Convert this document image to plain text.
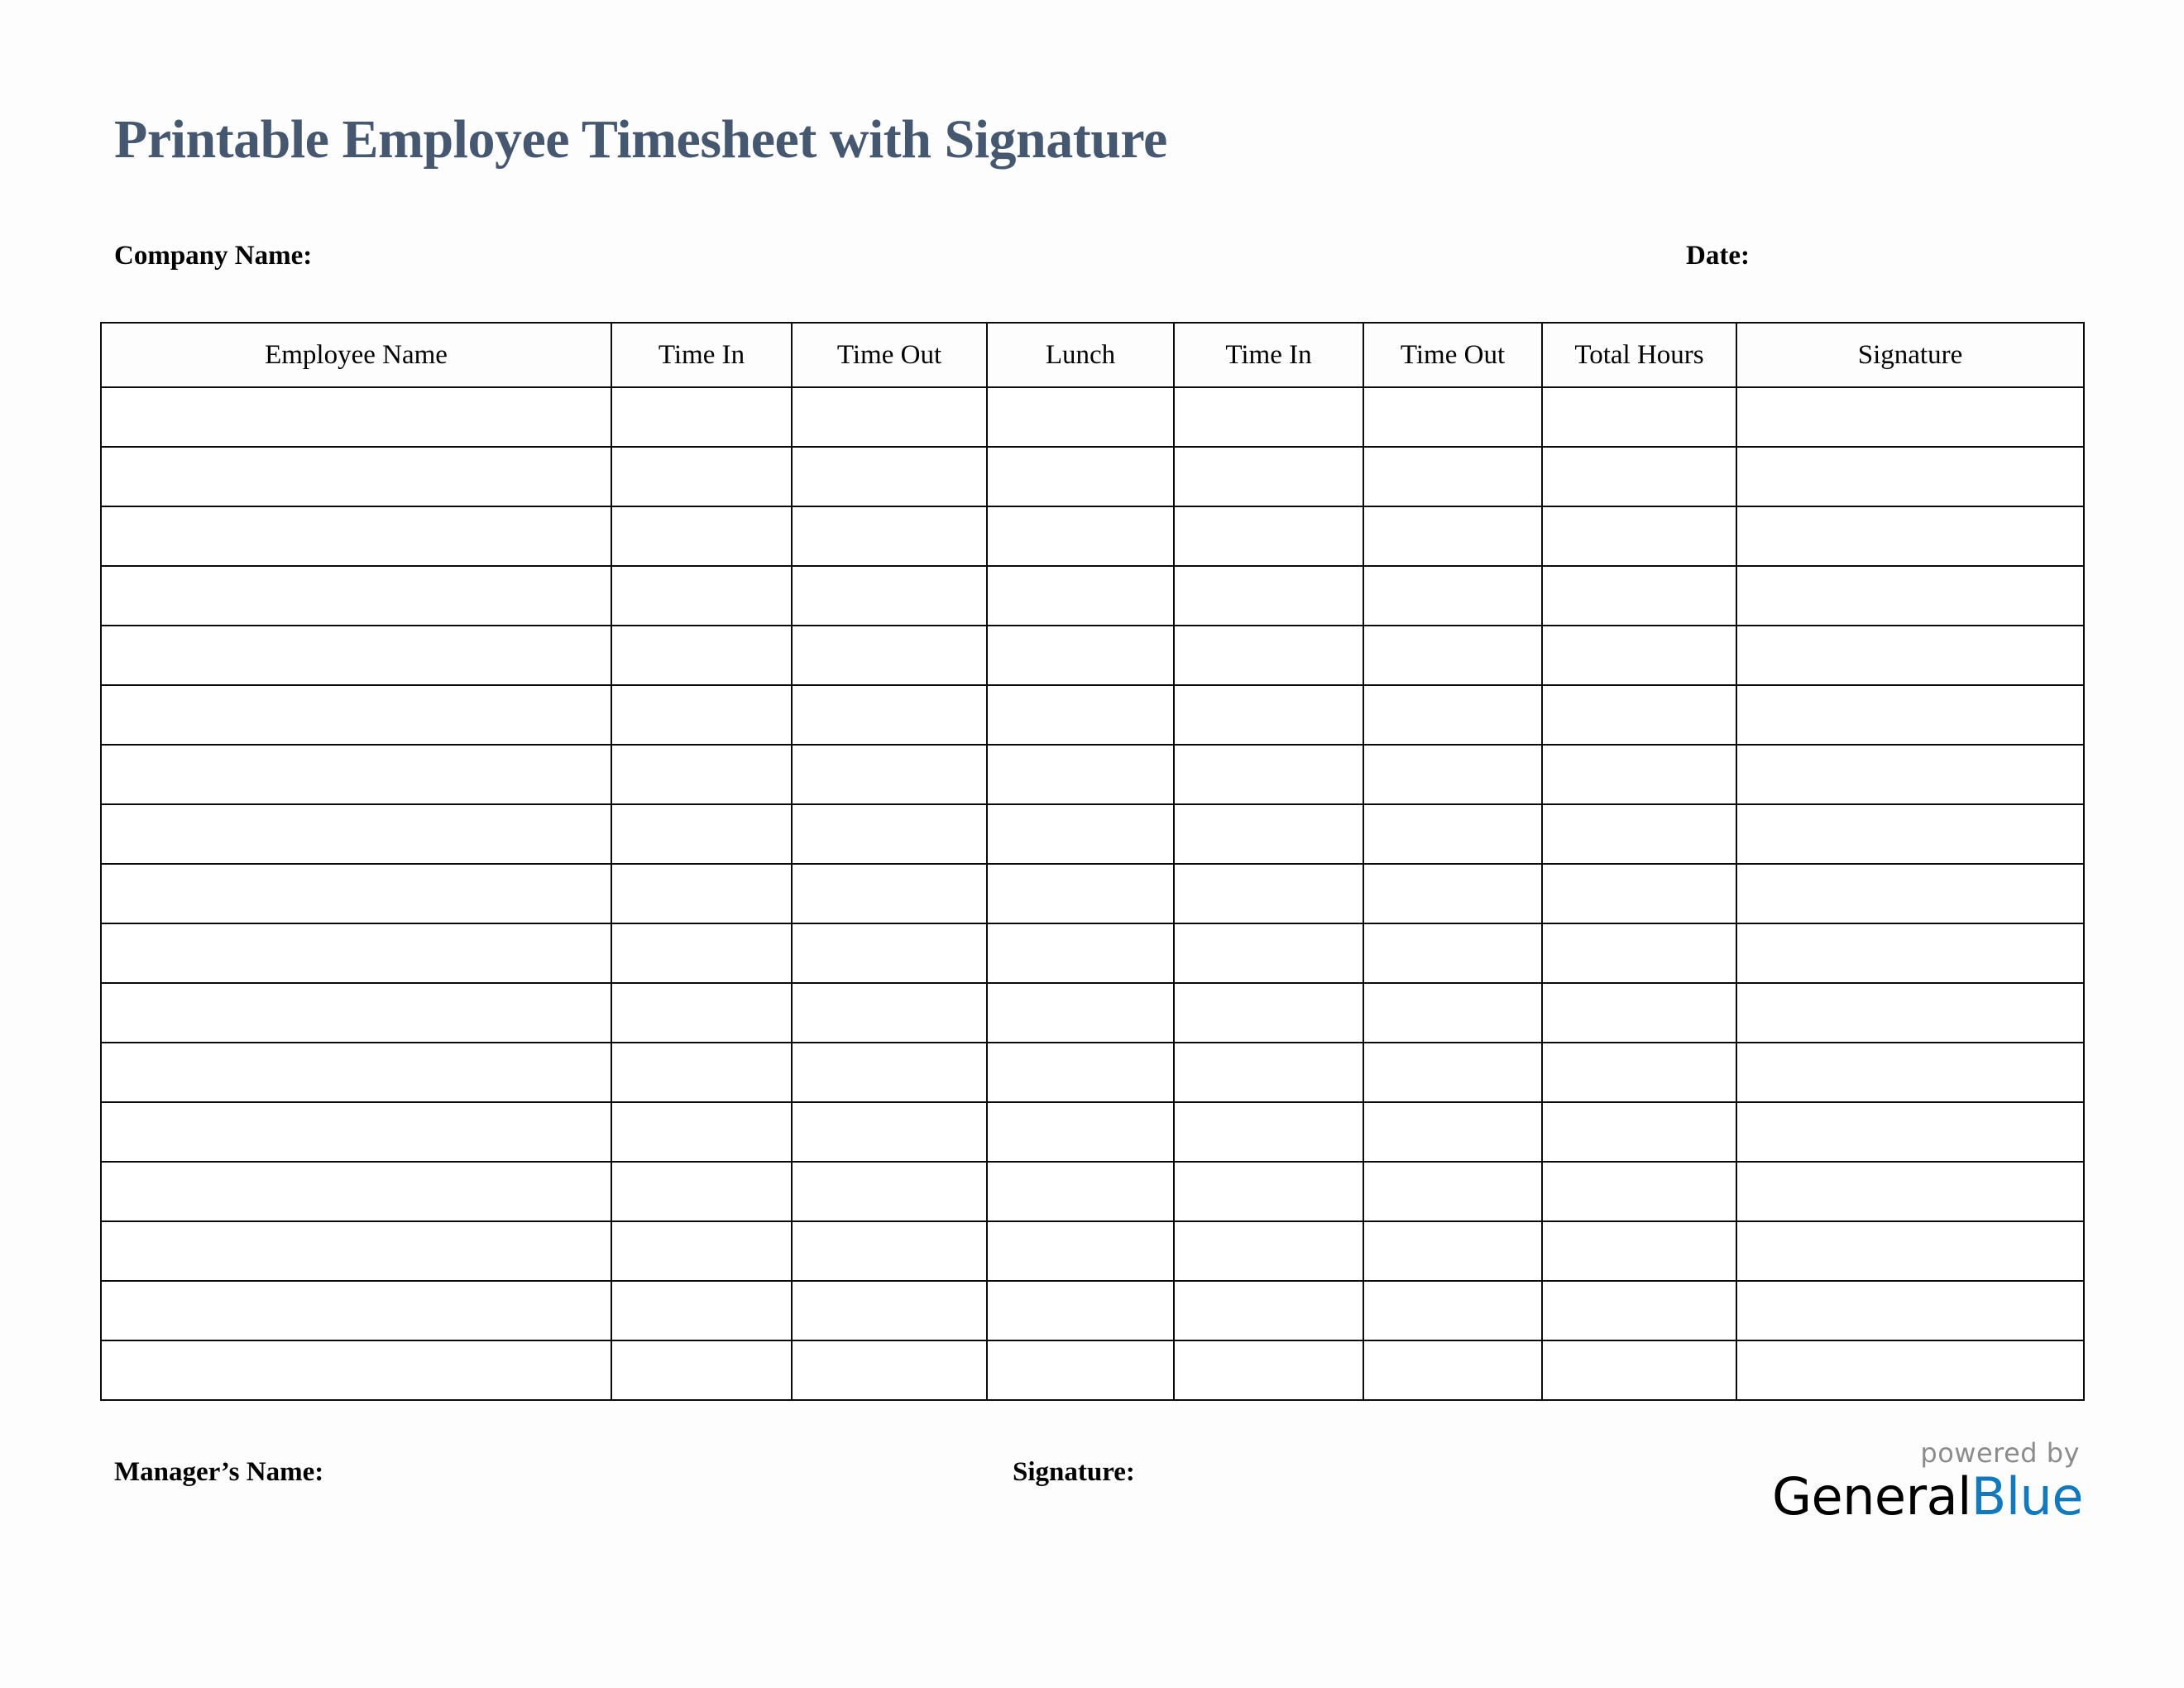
Printable Employee Timesheet with Signature
Company Name:	Date:
Employee Name	Time In	Time Out	Lunch	Time In	Time Out	Total Hours	Signature

Manager’s Name:	Signature:
powered by
GeneralBlue
